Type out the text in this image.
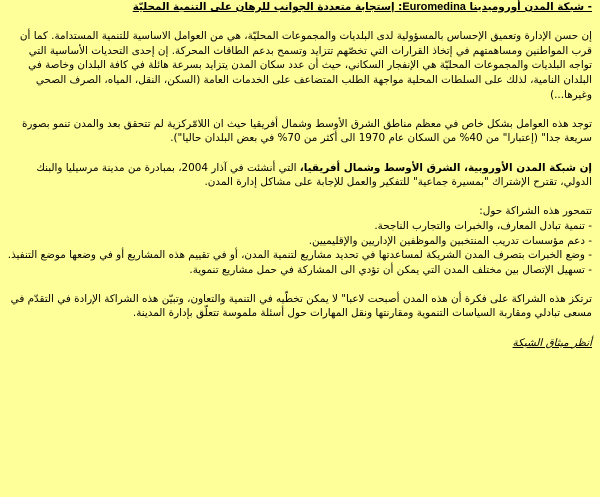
- شبكة المدن أوروميدينا Euromedina: إستجابة متعددة الجوانب للرهان على التنمية المحليّة

إن حسن الإدارة وتعميق الإحساس بالمسؤولية لدى البلديات والمجموعات المحليّة، هي من العوامل الاساسية للتنمية المستدامة. كما أن قرب المواطنين ومساهمتهم في إتخاذ القرارات التي تخصّهم تتزايد وتسمح بدعم الطاقات المحركة. إن إحدى التحديات الأساسية التي تواجه البلديات والمجموعات المحليّة هي الإنفجار السكاني، حيث أن عدد سكان المدن يتزايد بسرعة هائلة في كافة البلدان وخاصة في البلدان النامية، لذلك على السلطات المحلية مواجهة الطلب المتضاعف على الخدمات العامة (السكن، النقل، المياه، الصرف الصحي وغيرها...)

توجد هذه العوامل بشكل خاص في معظم مناطق الشرق الأوسط وشمال أفريقيا حيث ان اللامّركزية لم تتحقق بعد والمدن تنمو بصورة سريعة جدا" (إعتبارا" من 40% من السكان عام 1970 الى أكثر من 70% في بعض البلدان حاليا").

إن شبكة المدن الأوروبية، الشرق الأوسط وشمال أفريقيا، التي أنشئت في آذار 2004، بمبادرة من مدينة مرسيليا والبنك الدولي، تقترح الإشتراك "بمسيرة جماعية" للتفكير والعمل للإجابة على مشاكل إدارة المدن.

تتمحور هذه الشراكة حول:

- تنمية تبادل المعارف، والخبرات والتجارب الناجحة.

- دعم مؤسسات تدريب المنتخبين والموظفين الإداريين والإقليميين.

- وضع الخبرات بتصرف المدن الشريكة لمساعدتها في تحديد مشاريع لتنمية المدن، أو في تقييم هذه المشاريع أو في وضعها موضع التنفيذ.

- تسهيل الإتصال بين مختلف المدن التي يمكن أن تؤدي الى المشاركة في حمل مشاريع تنموية.

ترتكز هذه الشراكة على فكرة أن هذه المدن أصبحت لاعبا" لا يمكن تخطّيه في التنمية والتعاون، وتبيّن هذه الشراكة الإرادة في التقدّم في مسعى تبادلي ومقاربة السياسات التنموية ومقارنتها ونقل المهارات حول أسئلة ملموسة تتعلّق بإدارة المدينة.

أنظر ميثاق الشبكة
